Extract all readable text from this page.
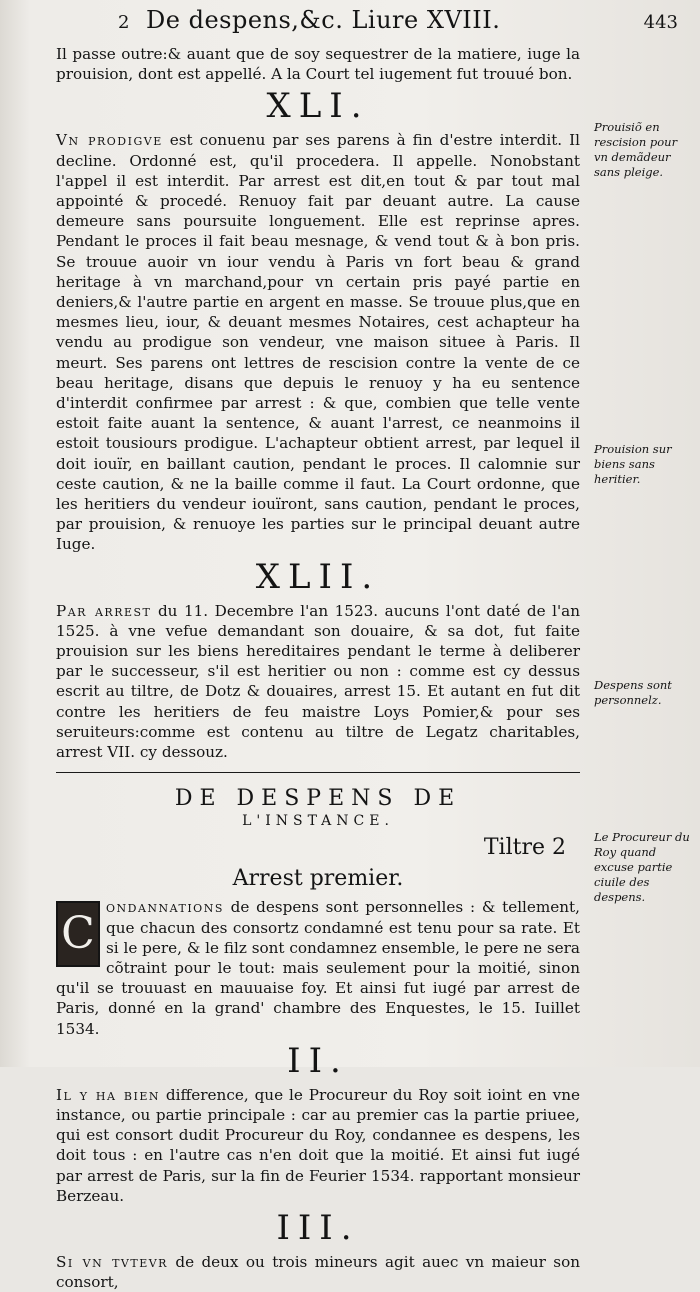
2 De despens,&c. Liure XVIII.	443

Il passe outre:& auant que de soy sequestrer de la matiere, iuge la prouision, dont est appellé. A la Court tel iugement fut trouué bon.

XLI.

Vn prodigve est conuenu par ses parens à fin d'estre interdit. Il decline. Ordonné est, qu'il procedera. Il appelle. Nonobstant l'appel il est interdit. Par arrest est dit,en tout & par tout mal appointé & procedé. Renuoy fait par deuant autre. La cause demeure sans poursuite longuement. Elle est reprinse apres. Pendant le proces il fait beau mesnage, & vend tout & à bon pris. Se trouue auoir vn iour vendu à Paris vn fort beau & grand heritage à vn marchand,pour vn certain pris payé partie en deniers,& l'autre partie en argent en masse. Se trouue plus,que en mesmes lieu, iour, & deuant mesmes Notaires, cest achapteur ha vendu au prodigue son vendeur, vne maison situee à Paris. Il meurt. Ses parens ont lettres de rescision contre la vente de ce beau heritage, disans que depuis le renuoy y ha eu sentence d'interdit confirmee par arrest : & que, combien que telle vente estoit faite auant la sentence, & auant l'arrest, ce neanmoins il estoit tousiours prodigue. L'achapteur obtient arrest, par lequel il doit iouïr, en baillant caution, pendant le proces. Il calomnie sur ceste caution, & ne la baille comme il faut. La Court ordonne, que les heritiers du vendeur iouïront, sans caution, pendant le proces, par prouision, & renuoye les parties sur le principal deuant autre Iuge.

XLII.

Par arrest du 11. Decembre l'an 1523. aucuns l'ont daté de l'an 1525. à vne vefue demandant son douaire, & sa dot, fut faite prouision sur les biens hereditaires pendant le terme à deliberer par le successeur, s'il est heritier ou non : comme est cy dessus escrit au tiltre, de Dotz & douaires, arrest 15. Et autant en fut dit contre les heritiers de feu maistre Loys Pomier,& pour ses seruiteurs:comme est contenu au tiltre de Legatz charitables, arrest VII. cy dessouz.

DE DESPENS DE
L'INSTANCE.
Tiltre 2
Arrest premier.

C
ondannations de despens sont personnelles : & tellement, que chacun des consortz condamné est tenu pour sa rate. Et si le pere, & le filz sont condamnez ensemble, le pere ne sera cõtraint pour le tout: mais seulement pour la moitié, sinon qu'il se trouuast en mauuaise foy. Et ainsi fut iugé par arrest de Paris, donné en la grand' chambre des Enquestes, le 15. Iuillet 1534.

II.

Il y ha bien difference, que le Procureur du Roy soit ioint en vne instance, ou partie principale : car au premier cas la partie priuee, qui est consort dudit Procureur du Roy, condannee es despens, les doit tous : en l'autre cas n'en doit que la moitié. Et ainsi fut iugé par arrest de Paris, sur la fin de Feurier 1534. rapportant monsieur Berzeau.

III.

Si vn tvtevr de deux ou trois mineurs agit auec vn maieur son consort,

Prouisiõ en rescision pour vn demãdeur sans pleige.
Prouision sur biens sans heritier.
Despens sont personnelz.
Le Procureur du Roy quand excuse partie ciuile des despens.
